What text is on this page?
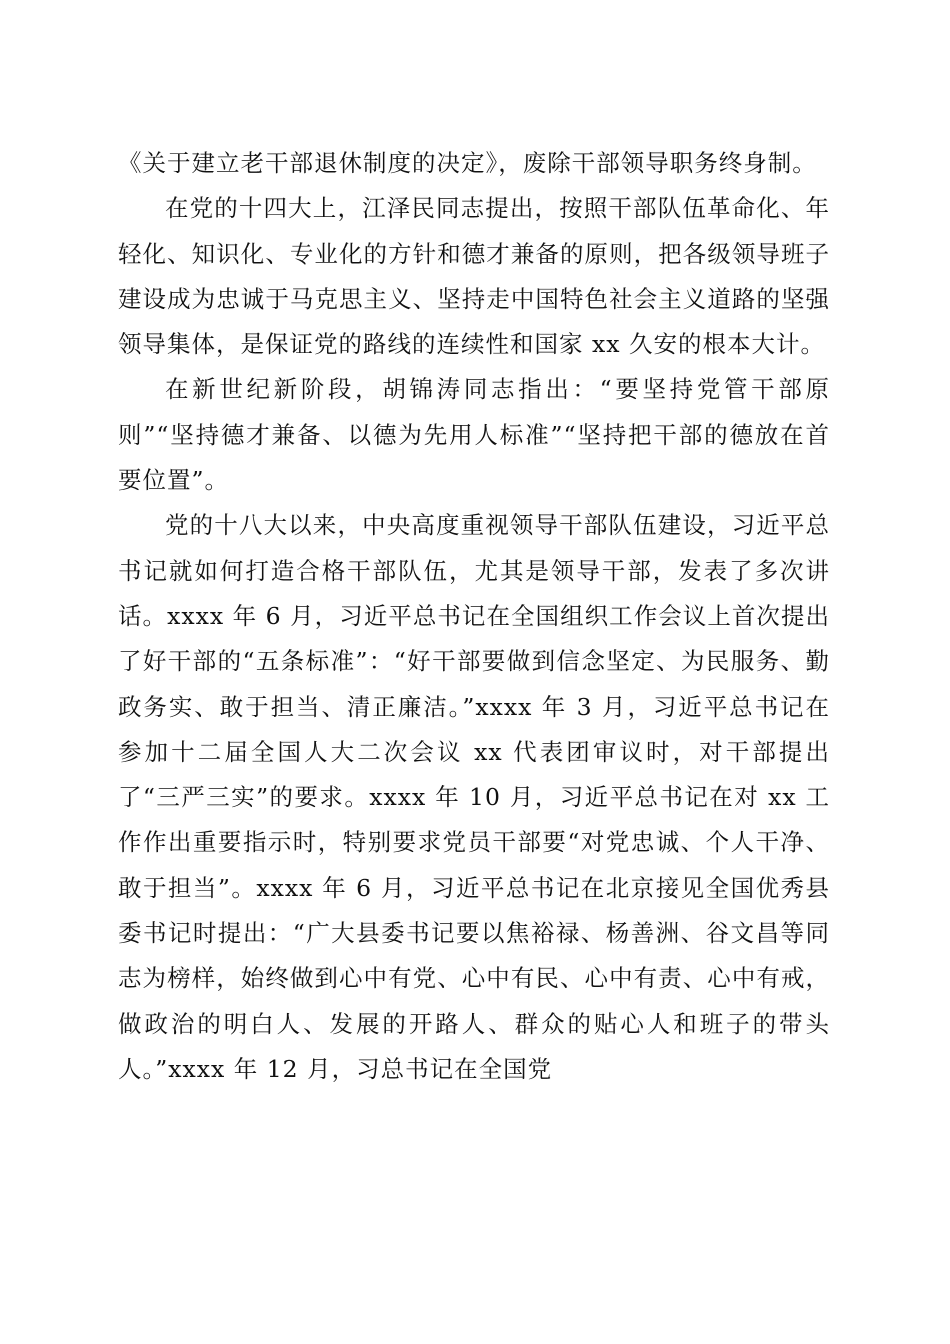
《关于建立老干部退休制度的决定》，废除干部领导职务终身制。

在党的十四大上，江泽民同志提出，按照干部队伍革命化、年轻化、知识化、专业化的方针和德才兼备的原则，把各级领导班子建设成为忠诚于马克思主义、坚持走中国特色社会主义道路的坚强领导集体，是保证党的路线的连续性和国家 xx 久安的根本大计。

在新世纪新阶段，胡锦涛同志指出：“要坚持党管干部原则”“坚持德才兼备、以德为先用人标准”“坚持把干部的德放在首要位置”。

党的十八大以来，中央高度重视领导干部队伍建设，习近平总书记就如何打造合格干部队伍，尤其是领导干部，发表了多次讲话。xxxx 年 6 月，习近平总书记在全国组织工作会议上首次提出了好干部的“五条标准”：“好干部要做到信念坚定、为民服务、勤政务实、敢于担当、清正廉洁。”xxxx 年 3 月，习近平总书记在参加十二届全国人大二次会议 xx 代表团审议时，对干部提出了“三严三实”的要求。xxxx 年 10 月，习近平总书记在对 xx 工作作出重要指示时，特别要求党员干部要“对党忠诚、个人干净、敢于担当”。xxxx 年 6 月，习近平总书记在北京接见全国优秀县委书记时提出：“广大县委书记要以焦裕禄、杨善洲、谷文昌等同志为榜样，始终做到心中有党、心中有民、心中有责、心中有戒，做政治的明白人、发展的开路人、群众的贴心人和班子的带头人。”xxxx 年 12 月，习总书记在全国党
